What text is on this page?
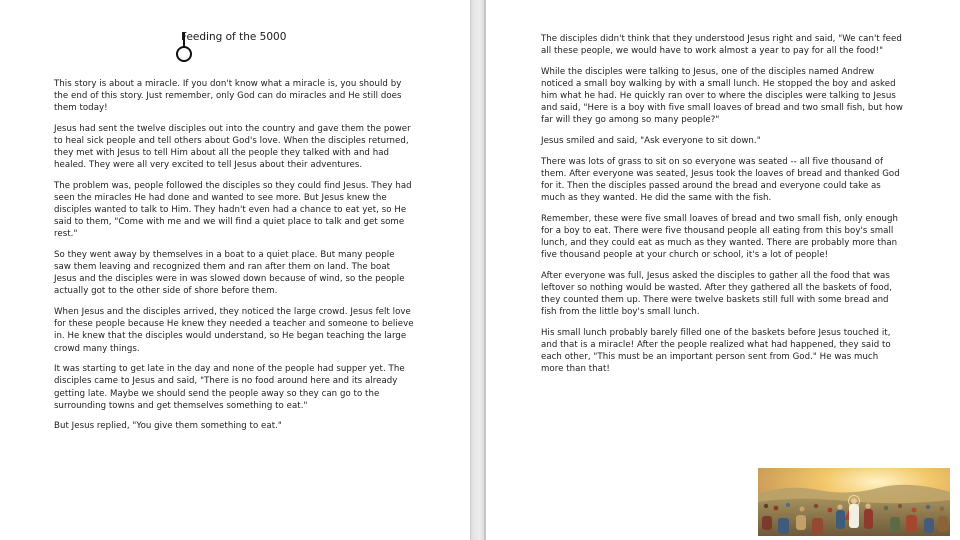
Feeding of the 5000

This story is about a miracle. If you don't know what a miracle is, you should by the end of this story. Just remember, only God can do miracles and He still does them today!

Jesus had sent the twelve disciples out into the country and gave them the power to heal sick people and tell others about God's love. When the disciples returned, they met with Jesus to tell Him about all the people they talked with and had healed. They were all very excited to tell Jesus about their adventures.

The problem was, people followed the disciples so they could find Jesus. They had seen the miracles He had done and wanted to see more. But Jesus knew the disciples wanted to talk to Him. They hadn't even had a chance to eat yet, so He said to them, "Come with me and we will find a quiet place to talk and get some rest."

So they went away by themselves in a boat to a quiet place. But many people saw them leaving and recognized them and ran after them on land. The boat Jesus and the disciples were in was slowed down because of wind, so the people actually got to the other side of shore before them.

When Jesus and the disciples arrived, they noticed the large crowd. Jesus felt love for these people because He knew they needed a teacher and someone to believe in. He knew that the disciples would understand, so He began teaching the large crowd many things.

It was starting to get late in the day and none of the people had supper yet. The disciples came to Jesus and said, "There is no food around here and its already getting late. Maybe we should send the people away so they can go to the surrounding towns and get themselves something to eat."

But Jesus replied, "You give them something to eat."

The disciples didn't think that they understood Jesus right and said, "We can't feed all these people, we would have to work almost a year to pay for all the food!"

While the disciples were talking to Jesus, one of the disciples named Andrew noticed a small boy walking by with a small lunch. He stopped the boy and asked him what he had. He quickly ran over to where the disciples were talking to Jesus and said, "Here is a boy with five small loaves of bread and two small fish, but how far will they go among so many people?"

Jesus smiled and said, "Ask everyone to sit down."

There was lots of grass to sit on so everyone was seated -- all five thousand of them. After everyone was seated, Jesus took the loaves of bread and thanked God for it. Then the disciples passed around the bread and everyone could take as much as they wanted. He did the same with the fish.

Remember, these were five small loaves of bread and two small fish, only enough for a boy to eat. There were five thousand people all eating from this boy's small lunch, and they could eat as much as they wanted. There are probably more than five thousand people at your church or school, it's a lot of people!

After everyone was full, Jesus asked the disciples to gather all the food that was leftover so nothing would be wasted. After they gathered all the baskets of food, they counted them up. There were twelve baskets still full with some bread and fish from the little boy's small lunch.

His small lunch probably barely filled one of the baskets before Jesus touched it, and that is a miracle! After the people realized what had happened, they said to each other, "This must be an important person sent from God." He was much more than that!
